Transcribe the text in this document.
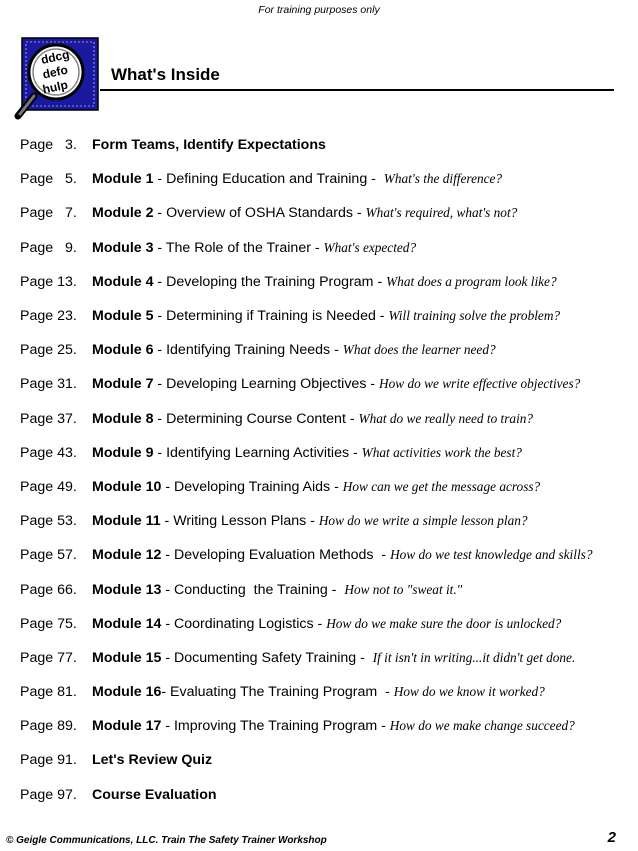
For training purposes only
ddcg
defo
hulp
What's Inside
Page   3.	Form Teams, Identify Expectations
Page   5.	Module 1 - Defining Education and Training - What's the difference?
Page   7.	Module 2 - Overview of OSHA Standards - What's required, what's not?
Page   9.	Module 3 - The Role of the Trainer - What's expected?
Page 13.	Module 4 - Developing the Training Program - What does a program look like?
Page 23.	Module 5 - Determining if Training is Needed - Will training solve the problem?
Page 25.	Module 6 - Identifying Training Needs - What does the learner need?
Page 31.	Module 7 - Developing Learning Objectives - How do we write effective objectives?
Page 37.	Module 8 - Determining Course Content - What do we really need to train?
Page 43.	Module 9 - Identifying Learning Activities - What activities work the best?
Page 49.	Module 10 - Developing Training Aids - How can we get the message across?
Page 53.	Module 11 - Writing Lesson Plans - How do we write a simple lesson plan?
Page 57.	Module 12 - Developing Evaluation Methods  - How do we test knowledge and skills?
Page 66.	Module 13 - Conducting  the Training - How not to "sweat it."
Page 75.	Module 14 - Coordinating Logistics - How do we make sure the door is unlocked?
Page 77.	Module 15 - Documenting Safety Training - If it isn't in writing...it didn't get done.
Page 81.	Module 16 - Evaluating The Training Program  - How do we know it worked?
Page 89.	Module 17 - Improving The Training Program - How do we make change succeed?
Page 91.	Let's Review Quiz
Page 97.	Course Evaluation
© Geigle Communications, LLC. Train The Safety Trainer Workshop	2
